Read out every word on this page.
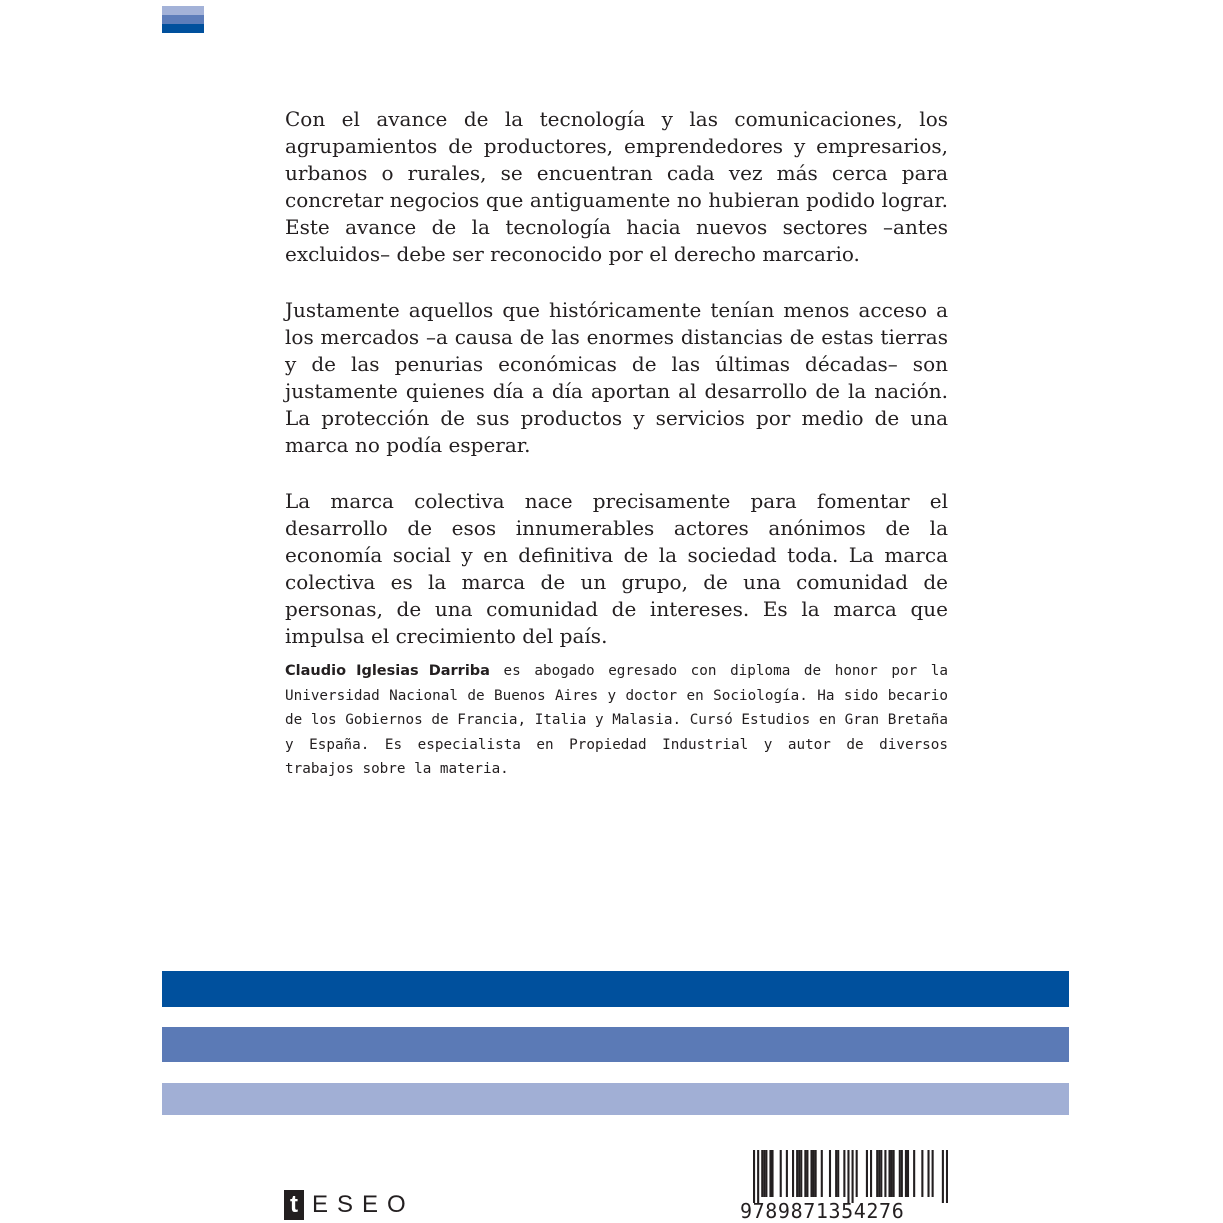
Con el avance de la tecnología y las comunicaciones, los agrupamientos de productores, emprendedores y empresarios, urbanos o rurales, se encuentran cada vez más cerca para concretar negocios que antiguamente no hubieran podido lograr. Este avance de la tecnología hacia nuevos sectores –antes excluidos– debe ser reconocido por el derecho marcario.

Justamente aquellos que históricamente tenían menos acceso a los mercados –a causa de las enormes distancias de estas tierras y de las penurias económicas de las últimas décadas– son justamente quienes día a día aportan al desarrollo de la nación. La protección de sus productos y servicios por medio de una marca no podía esperar.

La marca colectiva nace precisamente para fomentar el desarrollo de esos innumerables actores anónimos de la economía social y en definitiva de la sociedad toda. La marca colectiva es la marca de un grupo, de una comunidad de personas, de una comunidad de intereses. Es la marca que impulsa el crecimiento del país.

Claudio Iglesias Darriba es abogado egresado con diploma de honor por la Universidad Nacional de Buenos Aires y doctor en Sociología. Ha sido becario de los Gobiernos de Francia, Italia y Malasia. Cursó Estudios en Gran Bretaña y España. Es especialista en Propiedad Industrial y autor de diversos trabajos sobre la materia.
t ESEO	9789871354276
